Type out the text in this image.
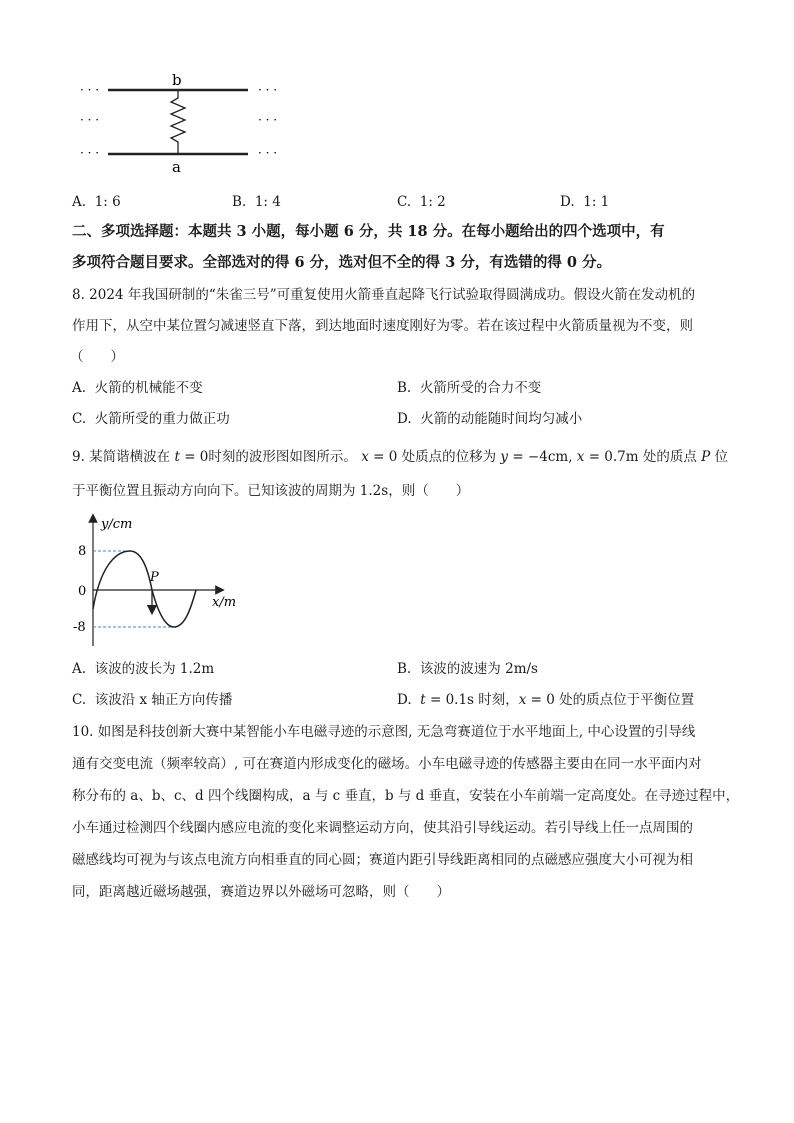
· · ·
· · ·
· · ·
· · ·
· · ·
· · ·
b
a
A. 1: 6	B. 1: 4	C. 1: 2	D. 1: 1
二、多项选择题：本题共 3 小题，每小题 6 分，共 18 分。在每小题给出的四个选项中，有
多项符合题目要求。全部选对的得 6 分，选对但不全的得 3 分，有选错的得 0 分。
8. 2024 年我国研制的“朱雀三号”可重复使用火箭垂直起降飞行试验取得圆满成功。假设火箭在发动机的
作用下，从空中某位置匀减速竖直下落，到达地面时速度刚好为零。若在该过程中火箭质量视为不变，则
（　　）
A. 火箭的机械能不变	B. 火箭所受的合力不变
C. 火箭所受的重力做正功	D. 火箭的动能随时间均匀减小
9. 某简谐横波在 t = 0时刻的波形图如图所示。 x = 0 处质点的位移为 y = −4cm, x = 0.7m 处的质点 P 位
于平衡位置且振动方向向下。已知该波的周期为 1.2s，则（　　）
y/cm
x/m
8
0
-8
P
A. 该波的波长为 1.2m	B. 该波的波速为 2m/s
C. 该波沿 x 轴正方向传播	D. t = 0.1s 时刻，x = 0 处的质点位于平衡位置
10. 如图是科技创新大赛中某智能小车电磁寻迹的示意图, 无急弯赛道位于水平地面上, 中心设置的引导线
通有交变电流（频率较高）, 可在赛道内形成变化的磁场。小车电磁寻迹的传感器主要由在同一水平面内对
称分布的 a、b、c、d 四个线圈构成，a 与 c 垂直，b 与 d 垂直，安装在小车前端一定高度处。在寻迹过程中，
小车通过检测四个线圈内感应电流的变化来调整运动方向，使其沿引导线运动。若引导线上任一点周围的
磁感线均可视为与该点电流方向相垂直的同心圆；赛道内距引导线距离相同的点磁感应强度大小可视为相
同，距离越近磁场越强，赛道边界以外磁场可忽略，则（　　）
